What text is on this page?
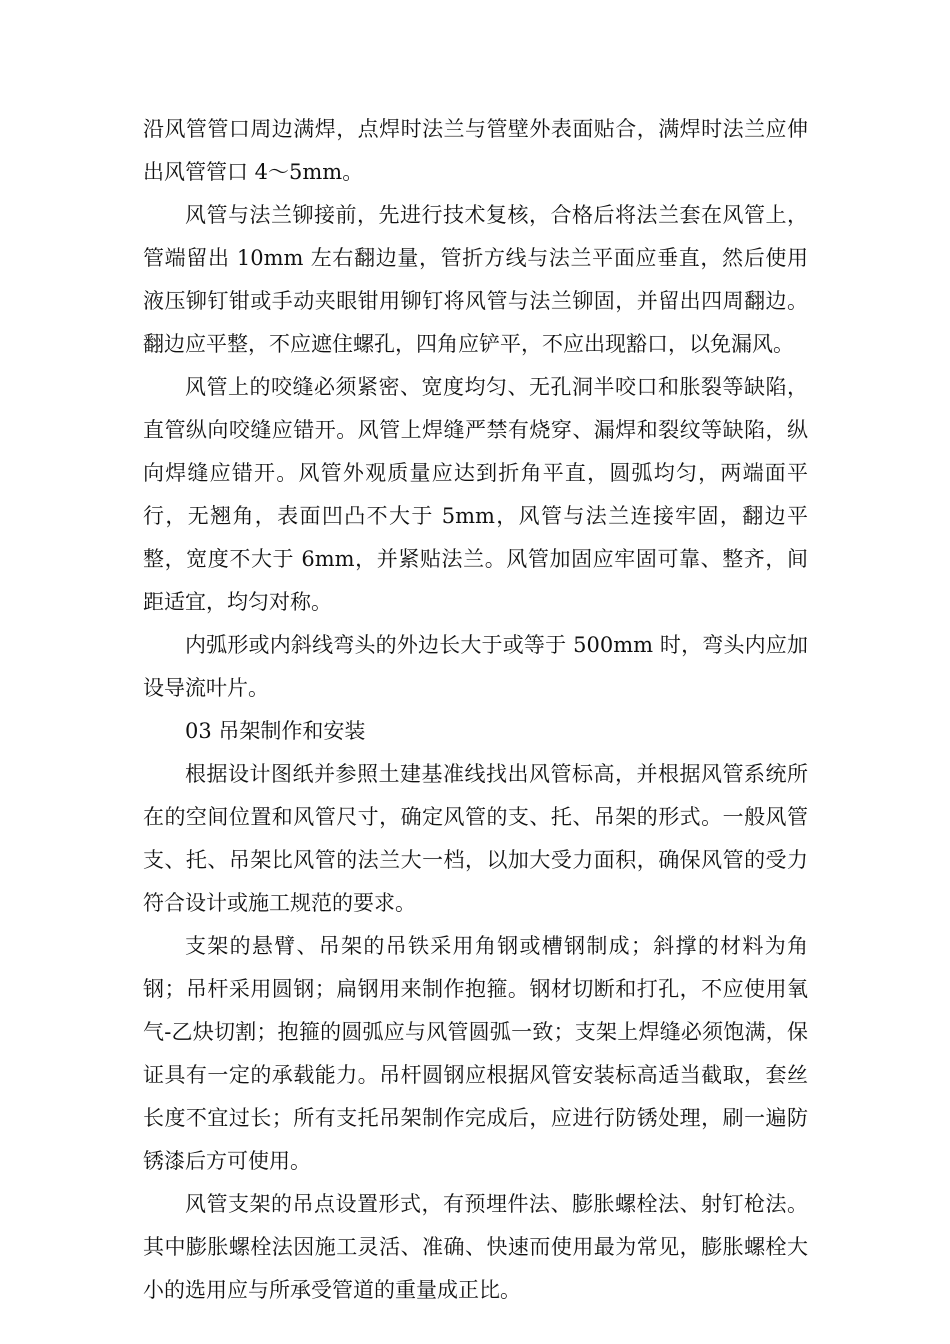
沿风管管口周边满焊，点焊时法兰与管壁外表面贴合，满焊时法兰应伸出风管管口 4～5mm。

风管与法兰铆接前，先进行技术复核，合格后将法兰套在风管上，管端留出 10mm 左右翻边量，管折方线与法兰平面应垂直，然后使用液压铆钉钳或手动夹眼钳用铆钉将风管与法兰铆固，并留出四周翻边。翻边应平整，不应遮住螺孔，四角应铲平，不应出现豁口，以免漏风。

风管上的咬缝必须紧密、宽度均匀、无孔洞半咬口和胀裂等缺陷，直管纵向咬缝应错开。风管上焊缝严禁有烧穿、漏焊和裂纹等缺陷，纵向焊缝应错开。风管外观质量应达到折角平直，圆弧均匀，两端面平行，无翘角，表面凹凸不大于 5mm，风管与法兰连接牢固，翻边平整，宽度不大于 6mm，并紧贴法兰。风管加固应牢固可靠、整齐，间距适宜，均匀对称。

内弧形或内斜线弯头的外边长大于或等于 500mm 时，弯头内应加设导流叶片。

03 吊架制作和安装

根据设计图纸并参照土建基准线找出风管标高，并根据风管系统所在的空间位置和风管尺寸，确定风管的支、托、吊架的形式。一般风管支、托、吊架比风管的法兰大一档，以加大受力面积，确保风管的受力符合设计或施工规范的要求。

支架的悬臂、吊架的吊铁采用角钢或槽钢制成；斜撑的材料为角钢；吊杆采用圆钢；扁钢用来制作抱箍。钢材切断和打孔，不应使用氧气-乙炔切割；抱箍的圆弧应与风管圆弧一致；支架上焊缝必须饱满，保证具有一定的承载能力。吊杆圆钢应根据风管安装标高适当截取，套丝长度不宜过长；所有支托吊架制作完成后，应进行防锈处理，刷一遍防锈漆后方可使用。

风管支架的吊点设置形式，有预埋件法、膨胀螺栓法、射钉枪法。其中膨胀螺栓法因施工灵活、准确、快速而使用最为常见，膨胀螺栓大小的选用应与所承受管道的重量成正比。
